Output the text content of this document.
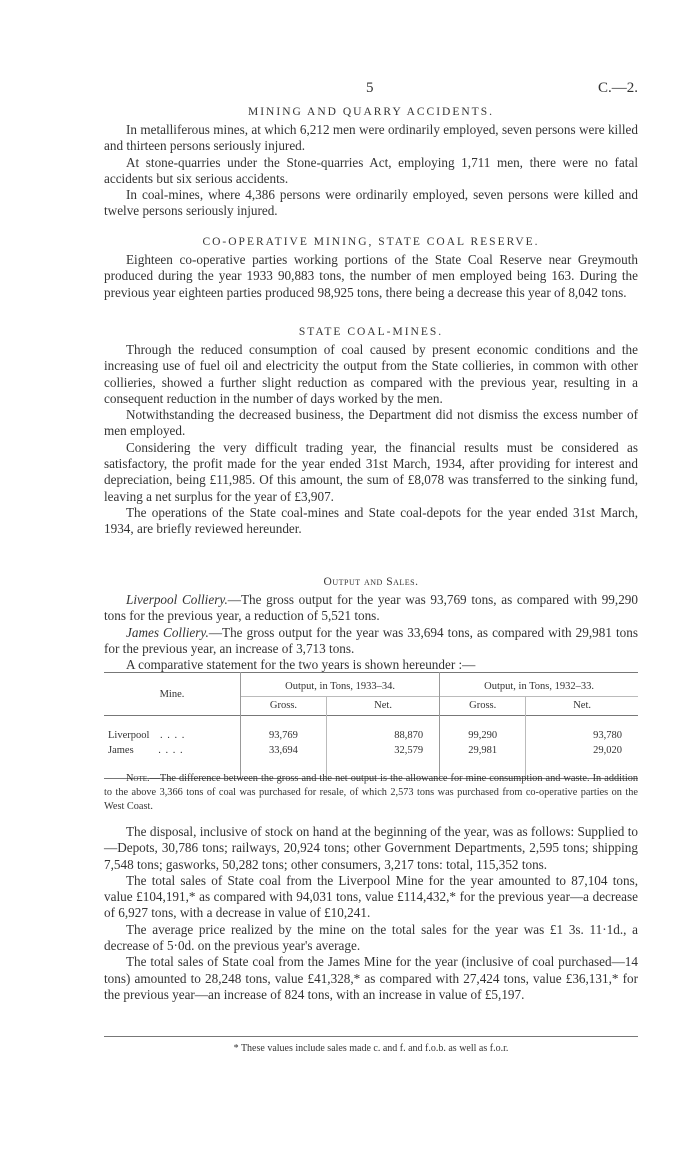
5	C.—2.
MINING AND QUARRY ACCIDENTS.

In metalliferous mines, at which 6,212 men were ordinarily employed, seven persons were killed and thirteen persons seriously injured.

At stone-quarries under the Stone-quarries Act, employing 1,711 men, there were no fatal accidents but six serious accidents.

In coal-mines, where 4,386 persons were ordinarily employed, seven persons were killed and twelve persons seriously injured.

CO-OPERATIVE MINING, STATE COAL RESERVE.

Eighteen co-operative parties working portions of the State Coal Reserve near Greymouth produced during the year 1933 90,883 tons, the number of men employed being 163. During the previous year eighteen parties produced 98,925 tons, there being a decrease this year of 8,042 tons.

STATE COAL-MINES.

Through the reduced consumption of coal caused by present economic conditions and the increasing use of fuel oil and electricity the output from the State collieries, in common with other collieries, showed a further slight reduction as compared with the previous year, resulting in a consequent reduction in the number of days worked by the men.

Notwithstanding the decreased business, the Department did not dismiss the excess number of men employed.

Considering the very difficult trading year, the financial results must be considered as satisfactory, the profit made for the year ended 31st March, 1934, after providing for interest and depreciation, being £11,985. Of this amount, the sum of £8,078 was transferred to the sinking fund, leaving a net surplus for the year of £3,907.

The operations of the State coal-mines and State coal-depots for the year ended 31st March, 1934, are briefly reviewed hereunder.

Output and Sales.

Liverpool Colliery.—The gross output for the year was 93,769 tons, as compared with 99,290 tons for the previous year, a reduction of 5,521 tons.

James Colliery.—The gross output for the year was 33,694 tons, as compared with 29,981 tons for the previous year, an increase of 3,713 tons.

A comparative statement for the two years is shown hereunder :—

Mine.	Output, in Tons, 1933–34.		Output, in Tons, 1932–33.	
	Gross.	Net.	Gross.	Net.
Liverpool . . . .	93,769	88,870	99,290	93,780
James . . . .	33,694	32,579	29,981	29,020

Note.—The difference between the gross and the net output is the allowance for mine consumption and waste. In addition to the above 3,366 tons of coal was purchased for resale, of which 2,573 tons was purchased from co-operative parties on the West Coast.

The disposal, inclusive of stock on hand at the beginning of the year, was as follows: Supplied to—Depots, 30,786 tons; railways, 20,924 tons; other Government Departments, 2,595 tons; shipping 7,548 tons; gasworks, 50,282 tons; other consumers, 3,217 tons: total, 115,352 tons.

The total sales of State coal from the Liverpool Mine for the year amounted to 87,104 tons, value £104,191,* as compared with 94,031 tons, value £114,432,* for the previous year—a decrease of 6,927 tons, with a decrease in value of £10,241.

The average price realized by the mine on the total sales for the year was £1 3s. 11·1d., a decrease of 5·0d. on the previous year's average.

The total sales of State coal from the James Mine for the year (inclusive of coal purchased—14 tons) amounted to 28,248 tons, value £41,328,* as compared with 27,424 tons, value £36,131,* for the previous year—an increase of 824 tons, with an increase in value of £5,197.

* These values include sales made c. and f. and f.o.b. as well as f.o.r.
